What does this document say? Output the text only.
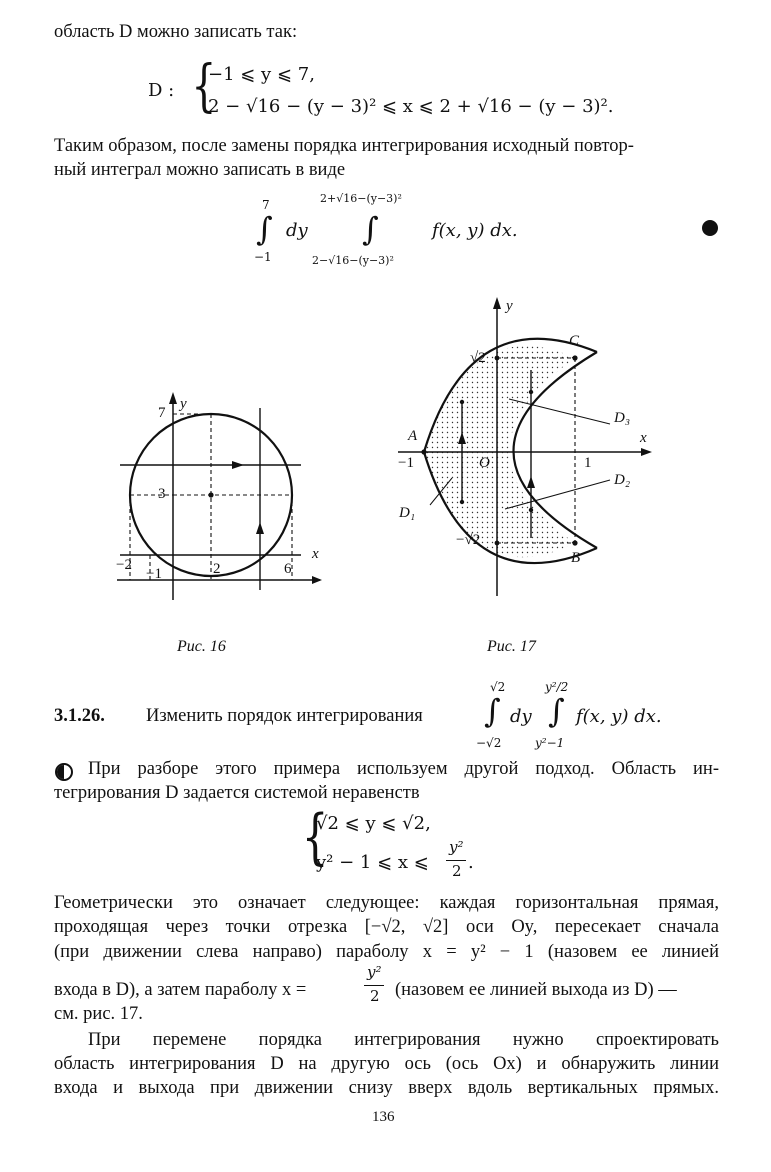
область D можно записать так:
D : {
−1 ⩽ y ⩽ 7,
2 − √16 − (y − 3)² ⩽ x ⩽ 2 + √16 − (y − 3)².
Таким образом, после замены порядка интегрирования исходный повтор-
ный интеграл можно записать в виде
7
∫
−1
dy
2+√16−(y−3)²
∫
2−√16−(y−3)²
f(x, y) dx.
y
x
7
3
−2
−1	2	6
Рис. 16
y
x
√2
−√2
−1	1
O
A
B
C
D₁
D₂
D₃
Рис. 17
3.1.26. Изменить порядок интегрирования
√2
∫
−√2
dy
y²/2
∫
y²−1
f(x, y) dx.
При разборе этого примера используем другой подход. Область ин-
тегрирования D задается системой неравенств
{
√2 ⩽ y ⩽ √2,
y² − 1 ⩽ x ⩽
y²
2 .
Геометрически это означает следующее: каждая горизонтальная прямая,
проходящая через точки отрезка [−√2, √2] оси Oy, пересекает сначала
(при движении слева направо) параболу x = y² − 1 (назовем ее линией
входа в D), а затем параболу x =
y²
2 (назовем ее линией выхода из D) —
см. рис. 17.
При перемене порядка интегрирования нужно спроектировать
область интегрирования D на другую ось (ось Ox) и обнаружить линии
входа и выхода при движении снизу вверх вдоль вертикальных прямых.
136
